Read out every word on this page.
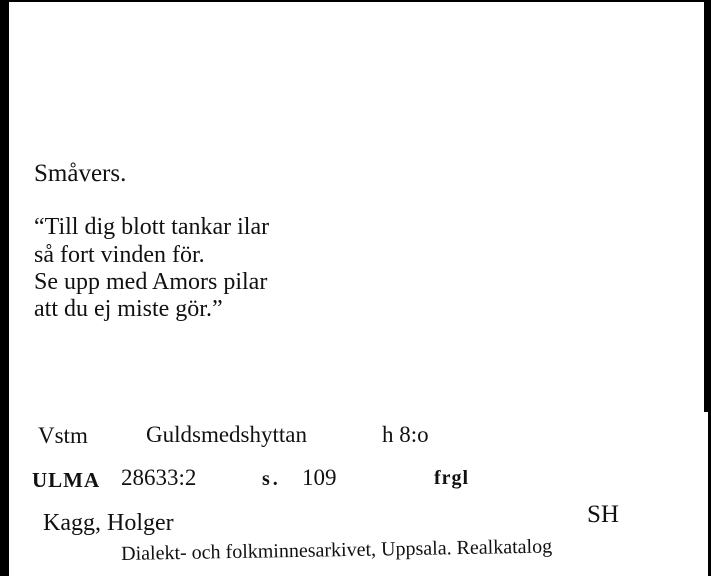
Småvers.
“Till dig blott tankar ilar
så fort vinden för.
Se upp med Amors pilar
att du ej miste gör.”
Vstm	Guldsmedshyttan	h 8:o
ULMA 28633:2	s. 109	frgl
Kagg, Holger	SH
Dialekt- och folkminnesarkivet, Uppsala. Realkatalog
